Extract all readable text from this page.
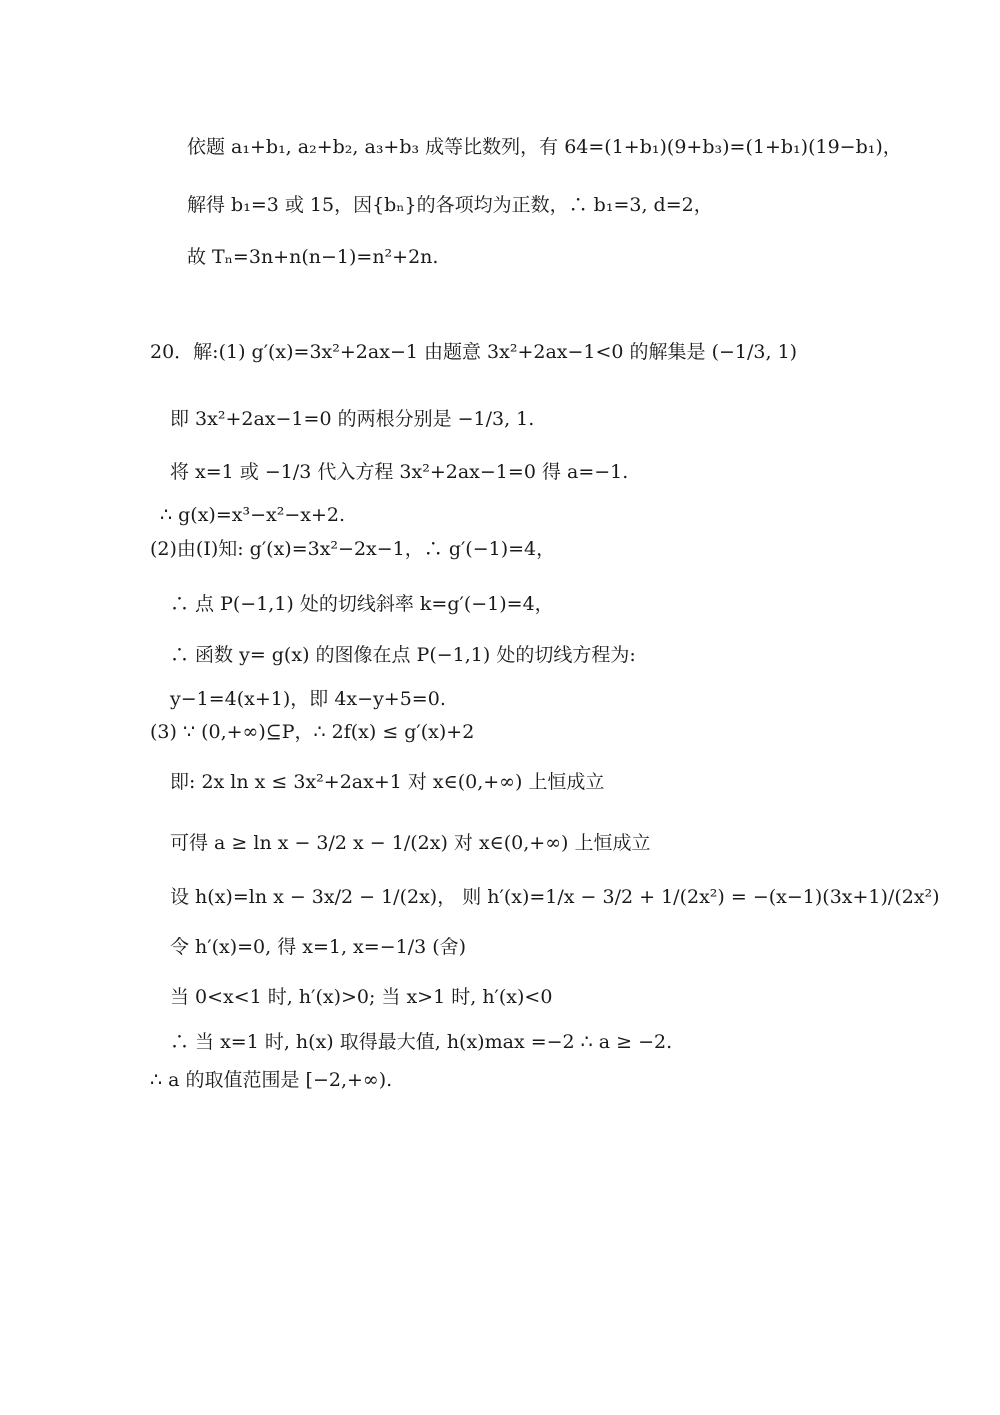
依题 a₁+b₁, a₂+b₂, a₃+b₃ 成等比数列，有 64=(1+b₁)(9+b₃)=(1+b₁)(19−b₁)，
解得 b₁=3 或 15，因{bₙ}的各项均为正数，∴ b₁=3, d=2，
故 Tₙ=3n+n(n−1)=n²+2n.
20．解:(1) g′(x)=3x²+2ax−1 由题意 3x²+2ax−1<0 的解集是 (−1/3, 1)
即 3x²+2ax−1=0 的两根分别是 −1/3, 1.
将 x=1 或 −1/3 代入方程 3x²+2ax−1=0 得 a=−1.
∴ g(x)=x³−x²−x+2.
(2)由(Ⅰ)知: g′(x)=3x²−2x−1，∴ g′(−1)=4，
∴ 点 P(−1,1) 处的切线斜率 k=g′(−1)=4，
∴ 函数 y= g(x) 的图像在点 P(−1,1) 处的切线方程为:
y−1=4(x+1)，即 4x−y+5=0.
(3) ∵ (0,+∞)⊆P，∴ 2f(x) ≤ g′(x)+2
即: 2x ln x ≤ 3x²+2ax+1 对 x∈(0,+∞) 上恒成立
可得 a ≥ ln x − 3/2 x − 1/(2x) 对 x∈(0,+∞) 上恒成立
设 h(x)=ln x − 3x/2 − 1/(2x)， 则 h′(x)=1/x − 3/2 + 1/(2x²) = −(x−1)(3x+1)/(2x²)
令 h′(x)=0, 得 x=1, x=−1/3 (舍)
当 0<x<1 时, h′(x)>0; 当 x>1 时, h′(x)<0
∴ 当 x=1 时, h(x) 取得最大值, h(x)max =−2 ∴ a ≥ −2.
∴ a 的取值范围是 [−2,+∞).
